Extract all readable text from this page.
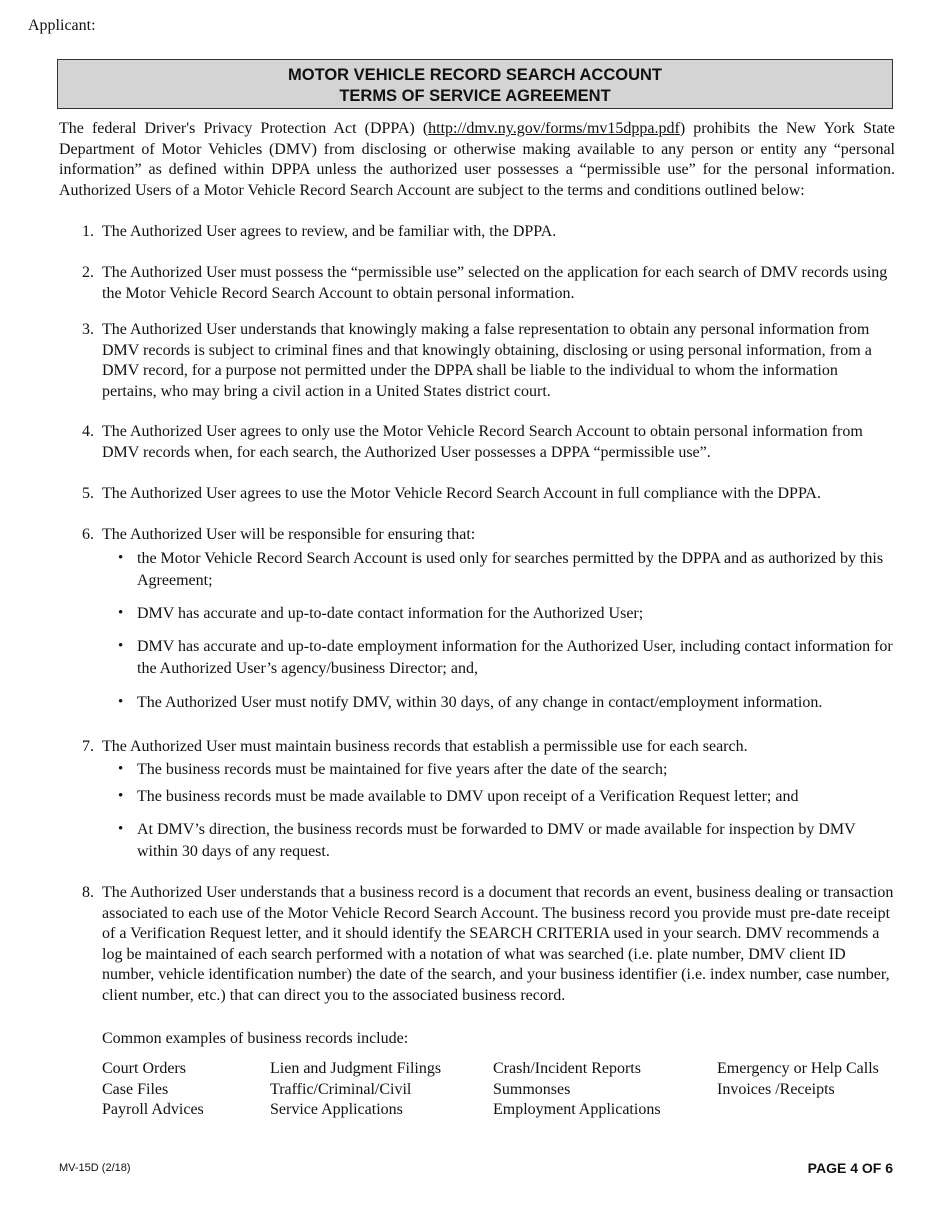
Applicant:
MOTOR VEHICLE RECORD SEARCH ACCOUNT
TERMS OF SERVICE AGREEMENT
The federal Driver's Privacy Protection Act (DPPA) (http://dmv.ny.gov/forms/mv15dppa.pdf) prohibits the New York State Department of Motor Vehicles (DMV) from disclosing or otherwise making available to any person or entity any “personal information” as defined within DPPA unless the authorized user possesses a “permissible use” for the personal information. Authorized Users of a Motor Vehicle Record Search Account are subject to the terms and conditions outlined below:
1. The Authorized User agrees to review, and be familiar with, the DPPA.
2. The Authorized User must possess the “permissible use” selected on the application for each search of DMV records using the Motor Vehicle Record Search Account to obtain personal information.
3. The Authorized User understands that knowingly making a false representation to obtain any personal information from DMV records is subject to criminal fines and that knowingly obtaining, disclosing or using personal information, from a DMV record, for a purpose not permitted under the DPPA shall be liable to the individual to whom the information pertains, who may bring a civil action in a United States district court.
4. The Authorized User agrees to only use the Motor Vehicle Record Search Account to obtain personal information from DMV records when, for each search, the Authorized User possesses a DPPA “permissible use”.
5. The Authorized User agrees to use the Motor Vehicle Record Search Account in full compliance with the DPPA.
6. The Authorized User will be responsible for ensuring that:
• the Motor Vehicle Record Search Account is used only for searches permitted by the DPPA and as authorized by this Agreement;
• DMV has accurate and up-to-date contact information for the Authorized User;
• DMV has accurate and up-to-date employment information for the Authorized User, including contact information for the Authorized User’s agency/business Director; and,
• The Authorized User must notify DMV, within 30 days, of any change in contact/employment information.
7. The Authorized User must maintain business records that establish a permissible use for each search.
• The business records must be maintained for five years after the date of the search;
• The business records must be made available to DMV upon receipt of a Verification Request letter; and
• At DMV’s direction, the business records must be forwarded to DMV or made available for inspection by DMV within 30 days of any request.
8. The Authorized User understands that a business record is a document that records an event, business dealing or transaction associated to each use of the Motor Vehicle Record Search Account. The business record you provide must pre-date receipt of a Verification Request letter, and it should identify the SEARCH CRITERIA used in your search. DMV recommends a log be maintained of each search performed with a notation of what was searched (i.e. plate number, DMV client ID number, vehicle identification number) the date of the search, and your business identifier (i.e. index number, case number, client number, etc.) that can direct you to the associated business record.
Common examples of business records include:
Court Orders
Case Files
Payroll Advices
Lien and Judgment Filings
Traffic/Criminal/Civil
Service Applications
Crash/Incident Reports
Summonses
Employment Applications
Emergency or Help Calls
Invoices /Receipts
MV-15D (2/18)	PAGE 4 OF 6
